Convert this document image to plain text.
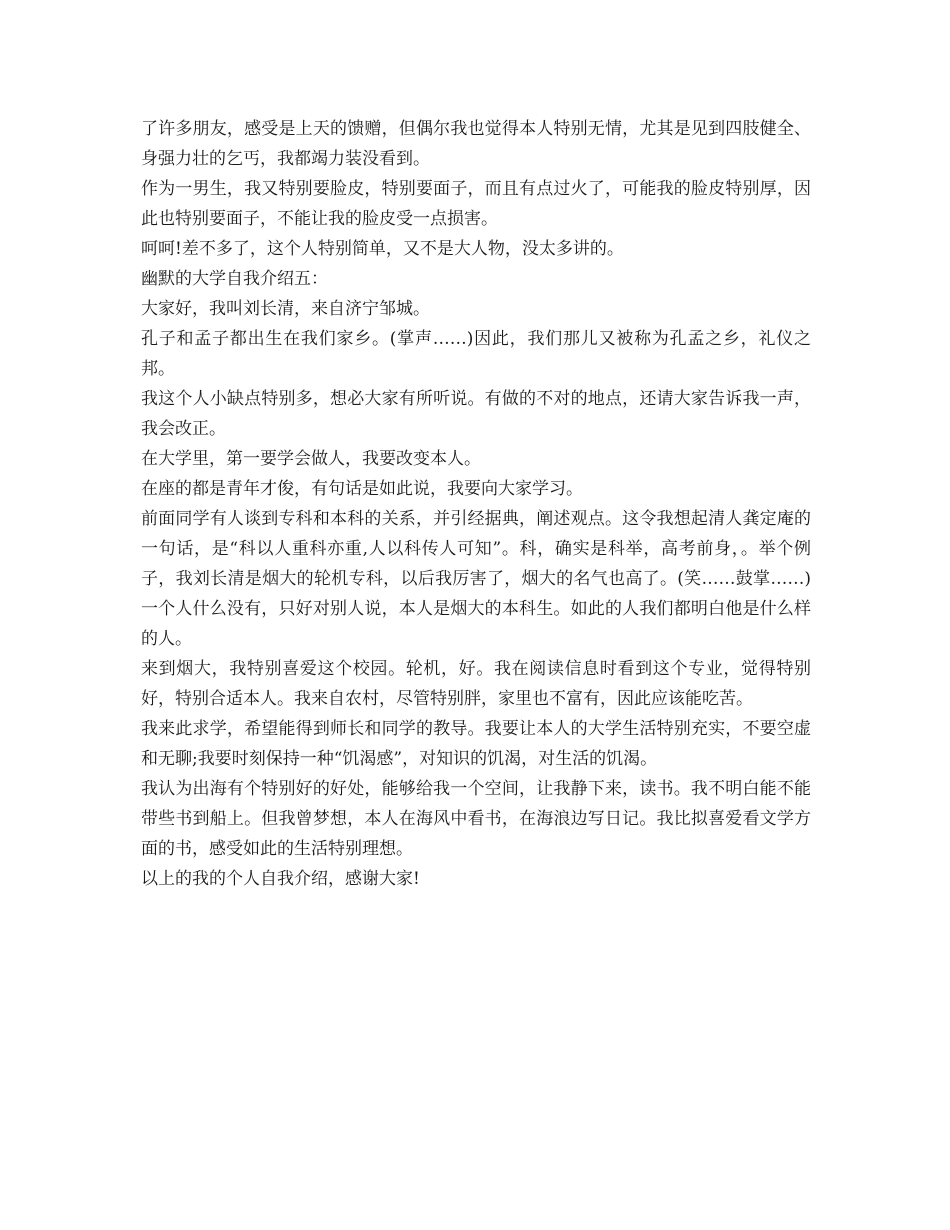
了许多朋友，感受是上天的馈赠，但偶尔我也觉得本人特别无情，尤其是见到四肢健全、身强力壮的乞丐，我都竭力装没看到。

作为一男生，我又特别要脸皮，特别要面子，而且有点过火了，可能我的脸皮特别厚，因此也特别要面子，不能让我的脸皮受一点损害。

呵呵!差不多了，这个人特别简单，又不是大人物，没太多讲的。

幽默的大学自我介绍五：

大家好，我叫刘长清，来自济宁邹城。

孔子和孟子都出生在我们家乡。(掌声……)因此，我们那儿又被称为孔孟之乡，礼仪之邦。

我这个人小缺点特别多，想必大家有所听说。有做的不对的地点，还请大家告诉我一声，我会改正。

在大学里，第一要学会做人，我要改变本人。

在座的都是青年才俊，有句话是如此说，我要向大家学习。

前面同学有人谈到专科和本科的关系，并引经据典，阐述观点。这令我想起清人龚定庵的一句话，是“科以人重科亦重,人以科传人可知”。科，确实是科举，高考前身，。举个例子，我刘长清是烟大的轮机专科，以后我厉害了，烟大的名气也高了。(笑……鼓掌……)一个人什么没有，只好对别人说，本人是烟大的本科生。如此的人我们都明白他是什么样的人。

来到烟大，我特别喜爱这个校园。轮机，好。我在阅读信息时看到这个专业，觉得特别好，特别合适本人。我来自农村，尽管特别胖，家里也不富有，因此应该能吃苦。

我来此求学，希望能得到师长和同学的教导。我要让本人的大学生活特别充实，不要空虚和无聊;我要时刻保持一种“饥渴感”，对知识的饥渴，对生活的饥渴。

我认为出海有个特别好的好处，能够给我一个空间，让我静下来，读书。我不明白能不能带些书到船上。但我曾梦想，本人在海风中看书，在海浪边写日记。我比拟喜爱看文学方面的书，感受如此的生活特别理想。

以上的我的个人自我介绍，感谢大家!
